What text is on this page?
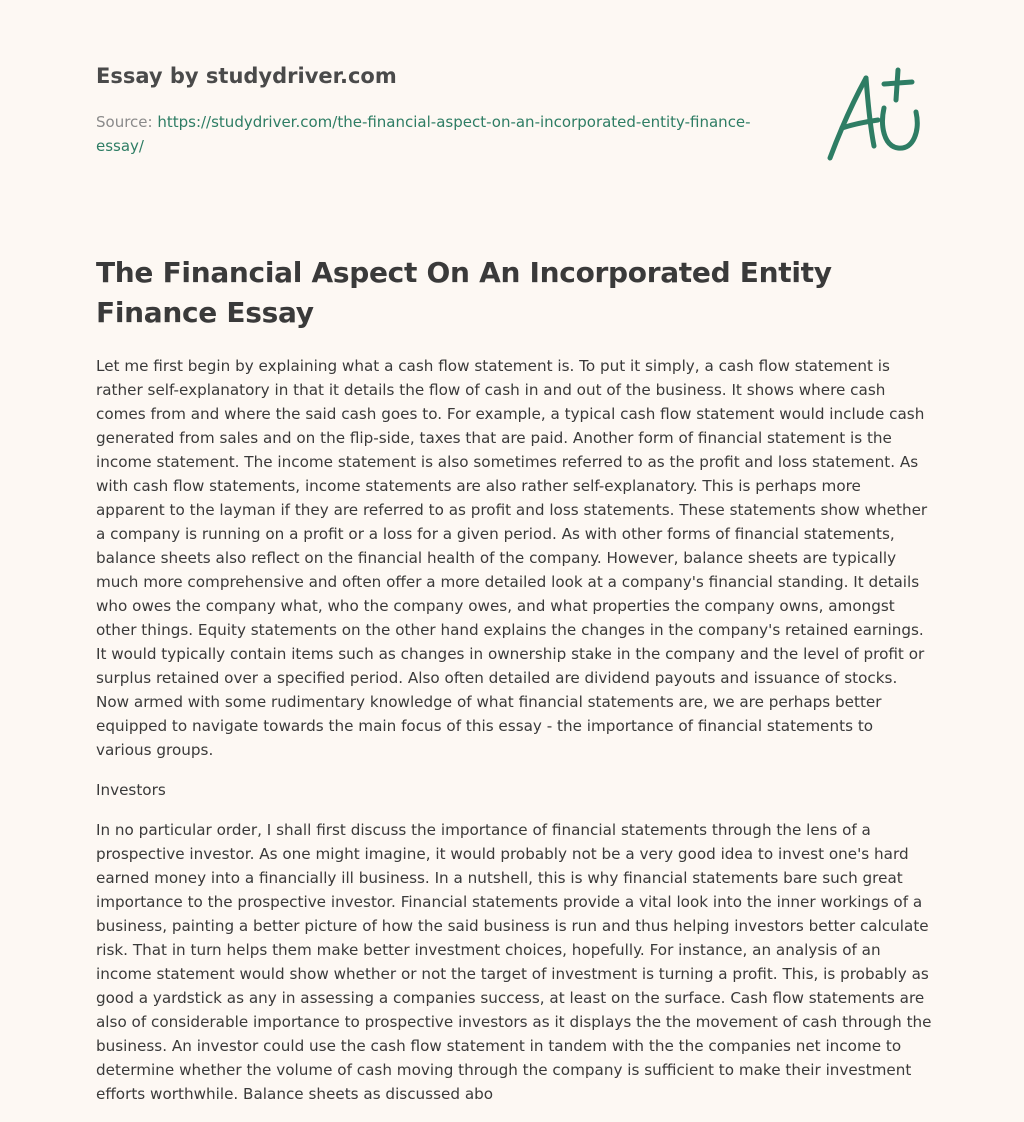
Essay by studydriver.com

Source: https://studydriver.com/the-financial-aspect-on-an-incorporated-entity-finance-essay/

The Financial Aspect On An Incorporated Entity Finance Essay

Let me first begin by explaining what a cash flow statement is. To put it simply, a cash flow statement is rather self-explanatory in that it details the flow of cash in and out of the business. It shows where cash comes from and where the said cash goes to. For example, a typical cash flow statement would include cash generated from sales and on the flip-side, taxes that are paid. Another form of financial statement is the income statement. The income statement is also sometimes referred to as the profit and loss statement. As with cash flow statements, income statements are also rather self-explanatory. This is perhaps more apparent to the layman if they are referred to as profit and loss statements. These statements show whether a company is running on a profit or a loss for a given period. As with other forms of financial statements, balance sheets also reflect on the financial health of the company. However, balance sheets are typically much more comprehensive and often offer a more detailed look at a company's financial standing. It details who owes the company what, who the company owes, and what properties the company owns, amongst other things. Equity statements on the other hand explains the changes in the company's retained earnings. It would typically contain items such as changes in ownership stake in the company and the level of profit or surplus retained over a specified period. Also often detailed are dividend payouts and issuance of stocks. Now armed with some rudimentary knowledge of what financial statements are, we are perhaps better equipped to navigate towards the main focus of this essay - the importance of financial statements to various groups.

Investors

In no particular order, I shall first discuss the importance of financial statements through the lens of a prospective investor. As one might imagine, it would probably not be a very good idea to invest one's hard earned money into a financially ill business. In a nutshell, this is why financial statements bare such great importance to the prospective investor. Financial statements provide a vital look into the inner workings of a business, painting a better picture of how the said business is run and thus helping investors better calculate risk. That in turn helps them make better investment choices, hopefully. For instance, an analysis of an income statement would show whether or not the target of investment is turning a profit. This, is probably as good a yardstick as any in assessing a companies success, at least on the surface. Cash flow statements are also of considerable importance to prospective investors as it displays the the movement of cash through the business. An investor could use the cash flow statement in tandem with the the companies net income to determine whether the volume of cash moving through the company is sufficient to make their investment efforts worthwhile. Balance sheets as discussed abo
